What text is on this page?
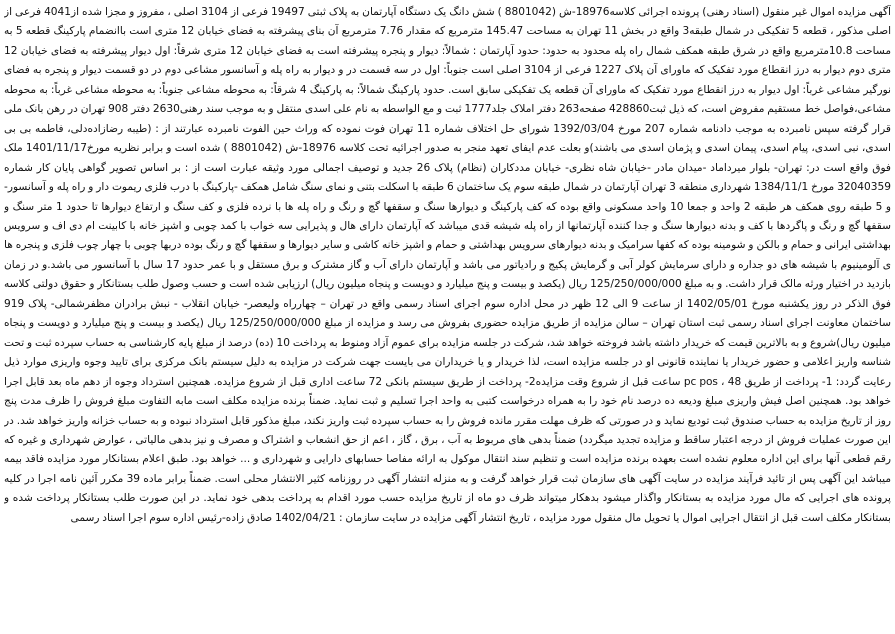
آگهی مزایده اموال غیر منقول (اسناد رهنی) پرونده اجرائی کلاسه18976-ش (8801042 ) شش دانگ یک دستگاه آپارتمان به پلاک ثبتی 19497 فرعی از 3104 اصلی ، مفروز و مجزا شده از4041 فرعی از اصلی مذکور ، قطعه 5 تفکیکی در شمال طبقه3 واقع در بخش 11 تهران به مساحت 145.47 مترمربع که مقدار 7.76 مترمربع آن بناى پیشرفته به فضاى خیابان 12 مترى است باانضمام پارکینگ قطعه 5 به مساحت 10.8مترمربع واقع در شرق طبقه همکف شمال راه پله محدود به حدود: حدود آپارتمان : شمالاً: دیوار و پنجره پیشرفته است به فضاى خیابان 12 مترى شرقاً: اول دیوار پیشرفته به فضاى خیابان 12 مترى دوم دیوار به درز انقطاع مورد تفکیک که ماوراى آن پلاک 1227 فرعى از 3104 اصلى است جنوباً: اول در سه قسمت در و دیوار به راه پله و آسانسور مشاعى دوم در دو قسمت دیوار و پنجره به فضاى نورگیر مشاعى غرباً: اول دیوار به درز انقطاع مورد تفکیک که ماوراى آن قطعه یک تفکیکى سابق است. حدود پارکینگ شمالاً: به پارکینگ 4 شرقاً: به محوطه مشاعى جنوباً: به محوطه مشاعى غرباً: به محوطه مشاعى،فواصل خط مستقیم مفروض است، که ذیل ثبت428860 صفحه263 دفتر املاک جلد1777 ثبت و مع الواسطه به نام على اسدى منتقل و به موجب سند رهنى2630 دفتر 908 تهران در رهن بانک ملى قرار گرفته سپس نامبرده به موجب دادنامه شماره 207 مورخ 1392/03/04 شوراى حل اختلاف شماره 11 تهران فوت نموده که وراث حین الفوت نامبرده عبارتند از : (طیبه رضازاده‌دلی، فاطمه بى بى اسدى، نبى اسدى، پیام اسدى، پیمان اسدى و پژمان اسدى مى باشند)و بعلت عدم ایفاى تعهد منجر به صدور اجرائیه تحت کلاسه 18976-ش (8801042 ) شده است و برابر نظریه مورخ1401/11/17 ملک فوق واقع است در: تهران- بلوار میرداماد -میدان مادر -خیابان شاه نظرى- خیابان مددکاران (نظام) پلاک 26 جدید و توصیف اجمالى مورد وثیقه عبارت است از : بر اساس تصویر گواهى پایان کار شماره 32040359 مورخ 1384/11/1 شهردارى منطقه 3 تهران آپارتمان در شمال طبقه سوم یک ساختمان 6 طبقه با اسکلت بتنى و نماى سنگ شامل همکف -پارکینگ با درب فلزى ریموت دار و راه پله و آسانسور- و 5 طبقه روى همکف هر طبقه 2 واحد و جمعا 10 واحد مسکونى واقع بوده که کف پارکینگ و دیوارها سنگ و سقفها گچ و رنگ و راه پله ها با نرده فلزى و کف سنگ و ارتفاع دیوارها تا حدود 1 متر سنگ و سقفها گچ و رنگ و پاگردها با کف و بدنه دیوارها سنگ و جدا کننده آپارتمانها از راه پله شیشه قدى میباشد که آپارتمان داراى هال و پذیرایى سه خواب با کمد چوبى و اشپز خانه با کابینت ام دى اف و سرویس بهداشتى ایرانى و حمام و بالکن و شومینه بوده که کفها سرامیک و بدنه دیوارهاى سرویس بهداشتى و حمام و اشپز خانه کاشى و سایر دیوارها و سقفها گچ و رنگ بوده دربها چوبى با چهار چوب فلزى و پنجره ها ى آلومینیوم با شیشه هاى دو جداره و داراى سرمایش کولر آبى و گرمایش پکیج و رادیاتور مى باشد و آپارتمان داراى آب و گاز مشترک و برق مستقل و با عمر حدود 17 سال با آسانسور مى باشد.و در زمان بازدید در اختیار ورثه مالک قرار داشت. و به مبلغ 125/250/000/000 ریال (یکصد و بیست و پنج میلیارد و دویست و پنجاه میلیون ریال) ارزیابى شده است و حسب وصول طلب بستانکار و حقوق دولتى کلاسه فوق الذکر در روز یکشنبه مورخ 1402/05/01 از ساعت 9 الى 12 ظهر در محل اداره سوم اجراى اسناد رسمى واقع در تهران – چهارراه ولیعصر- خیابان انقلاب - نبش برادران مظفرشمالى- پلاک 919 ساختمان معاونت اجراى اسناد رسمى ثبت استان تهران – سالن مزایده از طریق مزایده حضورى بفروش مى رسد و مزایده از مبلغ 125/250/000/000 ریال (یکصد و بیست و پنج میلیارد و دویست و پنجاه میلیون ریال)شروع و به بالاترین قیمت که خریدار داشته باشد فروخته خواهد شد، شرکت در جلسه مزایده براى عموم آزاد ومنوط به پرداخت 10 (ده) درصد از مبلغ پایه کارشناسى به حساب سپرده ثبت و تحت شناسه واریز اعلامى و حضور خریدار یا نماینده قانونى او در جلسه مزایده است، لذا خریدار و یا خریداران مى بایست جهت شرکت در مزایده به دلیل سیستم بانک مرکزى براى تایید وجوه واریزى موارد ذیل رعایت گردد: 1- پرداخت از طریق pc pos ، 48 ساعت قبل از شروع وقت مزایده2- پرداخت از طریق سیستم بانکى 72 ساعت ادارى قبل از شروع مزایده. همچنین استرداد وجوه از دهم ماه بعد قابل اجرا خواهد بود. همچنین اصل فیش واریزى مبلغ ودیعه ده درصد نام خود را به همراه درخواست کتبى به واحد اجرا تسلیم و ثبت نماید. ضمناً برنده مزایده مکلف است مابه التفاوت مبلغ فروش را ظرف مدت پنج روز از تاریخ مزایده به حساب صندوق ثبت تودیع نماید و در صورتى که ظرف مهلت مقرر مانده فروش را به حساب سپرده ثبت واریز نکند، مبلغ مذکور قابل استرداد نبوده و به حساب خزانه واریز خواهد شد. در این صورت عملیات فروش از درجه اعتبار ساقط و مزایده تجدید میگردد) ضمناً بدهى هاى مربوط به آب ، برق ، گاز ، اعم از حق انشعاب و اشتراک و مصرف و نیز بدهى مالیاتى ، عوارض شهردارى و غیره که رقم قطعى آنها براى این اداره معلوم نشده است بعهده برنده مزایده است و تنظیم سند انتقال موکول به ارائه مفاصا حسابهاى دارایى و شهردارى و ... خواهد بود. طبق اعلام بستانکار مورد مزایده فاقد بیمه میباشد این آگهى پس از تائید فرآیند مزایده در سایت آگهى هاى سازمان ثبت قرار خواهد گرفت و به منزله انتشار آگهى در روزنامه کثیر الانتشار محلى است. ضمناً برابر ماده 39 مکرر آئین نامه اجرا در کلیه پرونده هاى اجرایى که مال مورد مزایده به بستانکار واگذار میشود بدهکار میتواند ظرف دو ماه از تاریخ مزایده حسب مورد اقدام به پرداخت بدهى خود نماید. در این صورت طلب بستانکار پرداخت شده و بستانکار مکلف است قبل از انتقال اجرایى اموال یا تحویل مال منقول مورد مزایده ، تاریخ انتشار آگهى مزایده در سایت سازمان : 1402/04/21 صادق زاده-رئیس اداره سوم اجرا اسناد رسمى
